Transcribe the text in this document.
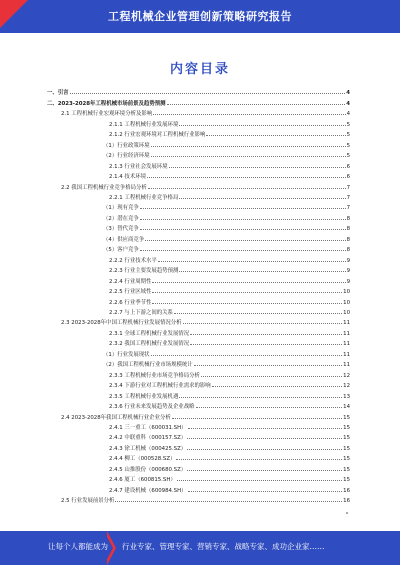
工程机械企业管理创新策略研究报告
内容目录
一、引言	4
二、2023-2028年工程机械市场前景及趋势预测	4
2.1 工程机械行业宏观环境分析及影响	4
2.1.1 工程机械行业发展环境	5
2.1.2 行业宏观环境对工程机械行业影响	5
（1）行业政策环境	5
（2）行业经济环境	5
2.1.3 行业社会发展环境	6
2.1.4 技术环境	6
2.2 我国工程机械行业竞争格局分析	7
2.2.1 工程机械行业竞争格局	7
（1）现有竞争	7
（2）潜在竞争	8
（3）替代竞争	8
（4）供应商竞争	8
（5）客户竞争	8
2.2.2 行业技术水平	9
2.2.3 行业主要发展趋势预测	9
2.2.4 行业周期性	9
2.2.5 行业区域性	10
2.2.6 行业季节性	10
2.2.7 与上下游之间的关系	10
2.3 2023-2028年中国工程机械行业发展情况分析	11
2.3.1 全球工程机械行业发展情况	11
2.3.2 我国工程机械行业发展情况	11
（1）行业发展现状	11
（2）我国工程机械行业市场规模统计	11
2.3.3 工程机械行业市场竞争格局分析	12
2.3.4 下游行业对工程机械行业需求的影响	12
2.3.5 工程机械行业发展机遇	13
2.3.6 行业未来发展趋势及企业战略	14
2.4 2023-2028年我国工程机械行业企业分析	15
2.4.1 三一重工（600031.SH）	15
2.4.2 中联重科（000157.SZ）	15
2.4.3 徐工机械（000425.SZ）	15
2.4.4 柳工（000528.SZ）	15
2.4.5 山推股份（000680.SZ）	15
2.4.6 厦工（600815.SH）	15
2.4.7 建设机械（600984.SH）	16
2.5 行业发展前景分析	16
让每个人都能成为 行业专家、管理专家、营销专家、战略专家、成功企业家……
